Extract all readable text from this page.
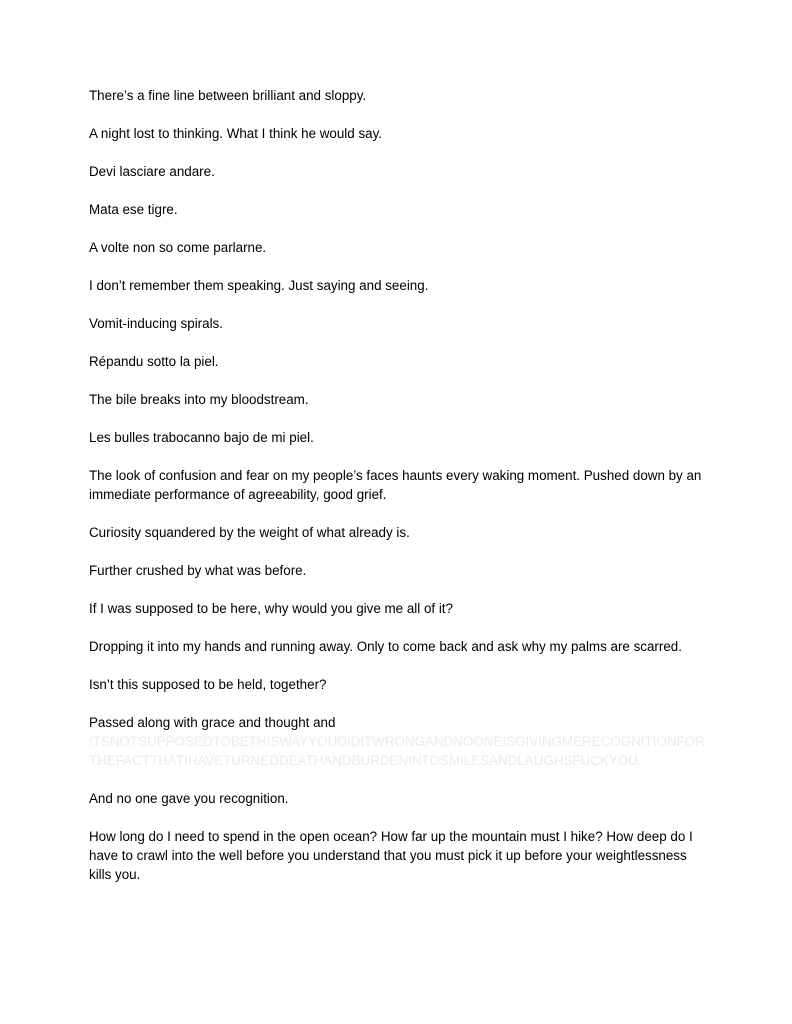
There’s a fine line between brilliant and sloppy.

A night lost to thinking. What I think he would say.

Devi lasciare andare.

Mata ese tigre.

A volte non so come parlarne.

I don’t remember them speaking. Just saying and seeing.

Vomit-inducing spirals.

Répandu sotto la piel.

The bile breaks into my bloodstream.

Les bulles trabocanno bajo de mi piel.

The look of confusion and fear on my people’s faces haunts every waking moment. Pushed down by an immediate performance of agreeability, good grief.

Curiosity squandered by the weight of what already is.

Further crushed by what was before.

If I was supposed to be here, why would you give me all of it?

Dropping it into my hands and running away. Only to come back and ask why my palms are scarred.

Isn’t this supposed to be held, together?

Passed along with grace and thought and ITSNOTSUPPOSEDTOBETHISWAYYOUDIDITWRONGANDNOONEISGIVINGMERECOGNITIONFORTHEFACTTHATIHAVETURNEDDEATHANDBURDENINTOSMILESANDLAUGHSFUCKYOU.

And no one gave you recognition.

How long do I need to spend in the open ocean? How far up the mountain must I hike? How deep do I have to crawl into the well before you understand that you must pick it up before your weightlessness kills you.
